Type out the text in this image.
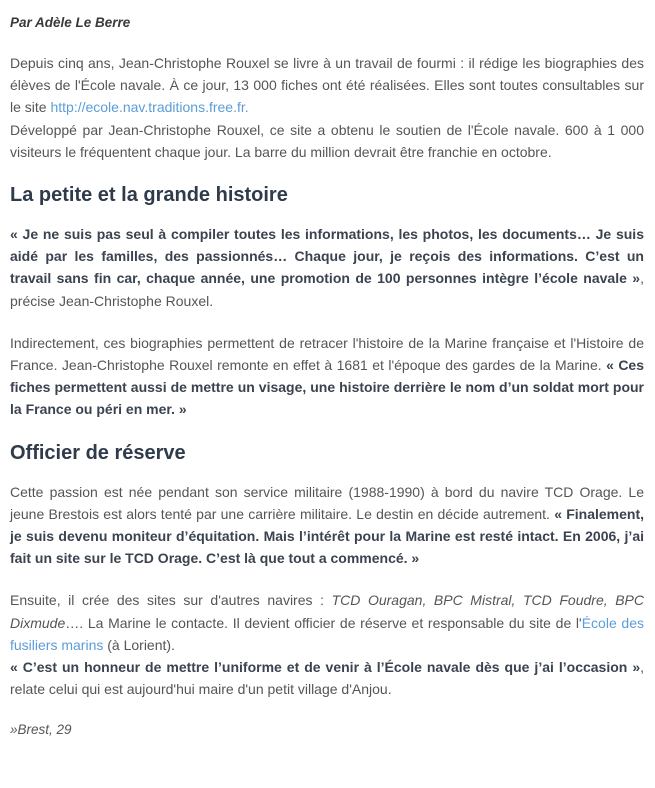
Par Adèle Le Berre

Depuis cinq ans, Jean-Christophe Rouxel se livre à un travail de fourmi : il rédige les biographies des élèves de l'École navale. À ce jour, 13 000 fiches ont été réalisées. Elles sont toutes consultables sur le site http://ecole.nav.traditions.free.fr.
Développé par Jean-Christophe Rouxel, ce site a obtenu le soutien de l'École navale. 600 à 1 000 visiteurs le fréquentent chaque jour. La barre du million devrait être franchie en octobre.

La petite et la grande histoire

« Je ne suis pas seul à compiler toutes les informations, les photos, les documents… Je suis aidé par les familles, des passionnés… Chaque jour, je reçois des informations. C’est un travail sans fin car, chaque année, une promotion de 100 personnes intègre l’école navale », précise Jean-Christophe Rouxel.

Indirectement, ces biographies permettent de retracer l'histoire de la Marine française et l'Histoire de France. Jean-Christophe Rouxel remonte en effet à 1681 et l'époque des gardes de la Marine. « Ces fiches permettent aussi de mettre un visage, une histoire derrière le nom d’un soldat mort pour la France ou péri en mer. »

Officier de réserve

Cette passion est née pendant son service militaire (1988-1990) à bord du navire TCD Orage. Le jeune Brestois est alors tenté par une carrière militaire. Le destin en décide autrement. « Finalement, je suis devenu moniteur d’équitation. Mais l’intérêt pour la Marine est resté intact. En 2006, j’ai fait un site sur le TCD Orage. C’est là que tout a commencé. »

Ensuite, il crée des sites sur d'autres navires : TCD Ouragan, BPC Mistral, TCD Foudre, BPC Dixmude…. La Marine le contacte. Il devient officier de réserve et responsable du site de l'École des fusiliers marins (à Lorient).
« C’est un honneur de mettre l’uniforme et de venir à l’École navale dès que j’ai l’occasion », relate celui qui est aujourd'hui maire d'un petit village d'Anjou.

»Brest, 29
